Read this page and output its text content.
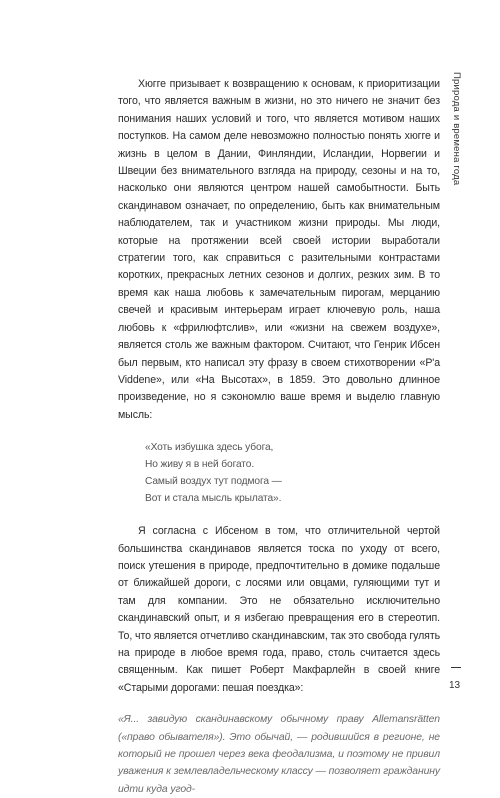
Природа и времена года

Хюгге призывает к возвращению к основам, к приоритизации того, что является важным в жизни, но это ничего не значит без понимания наших условий и того, что является мотивом наших поступков. На самом деле невозможно полностью понять хюгге и жизнь в целом в Дании, Финляндии, Исландии, Норвегии и Швеции без внимательного взгляда на природу, сезоны и на то, насколько они являются центром нашей самобытности. Быть скандинавом означает, по определению, быть как внимательным наблюдателем, так и участником жизни природы. Мы люди, которые на протяжении всей своей истории выработали стратегии того, как справиться с разительными контрастами коротких, прекрасных летних сезонов и долгих, резких зим. В то время как наша любовь к замечательным пирогам, мерцанию свечей и красивым интерьерам играет ключевую роль, наша любовь к «фрилюфтслив», или «жизни на свежем воздухе», является столь же важным фактором. Считают, что Генрик Ибсен был первым, кто написал эту фразу в своем стихотворении «P'a Viddene», или «На Высотах», в 1859. Это довольно длинное произведение, но я сэкономлю ваше время и выделю главную мысль:

«Хоть избушка здесь убога,
Но живу я в ней богато.
Самый воздух тут подмога —
Вот и стала мысль крылата».

Я согласна с Ибсеном в том, что отличительной чертой большинства скандинавов является тоска по уходу от всего, поиск утешения в природе, предпочтительно в домике подальше от ближайшей дороги, с лосями или овцами, гуляющими тут и там для компании. Это не обязательно исключительно скандинавский опыт, и я избегаю превращения его в стереотип. То, что является отчетливо скандинавским, так это свобода гулять на природе в любое время года, право, столь считается здесь священным. Как пишет Роберт Макфарлейн в своей книге «Старыми дорогами: пешая поездка»:

«Я... завидую скандинавскому обычному праву Allemansrätten («право обывателя»). Это обычай, — родившийся в регионе, не который не прошел через века феодализма, и поэтому не привил уважения к землевладельческому классу — позволяет гражданину идти куда угод-

13
